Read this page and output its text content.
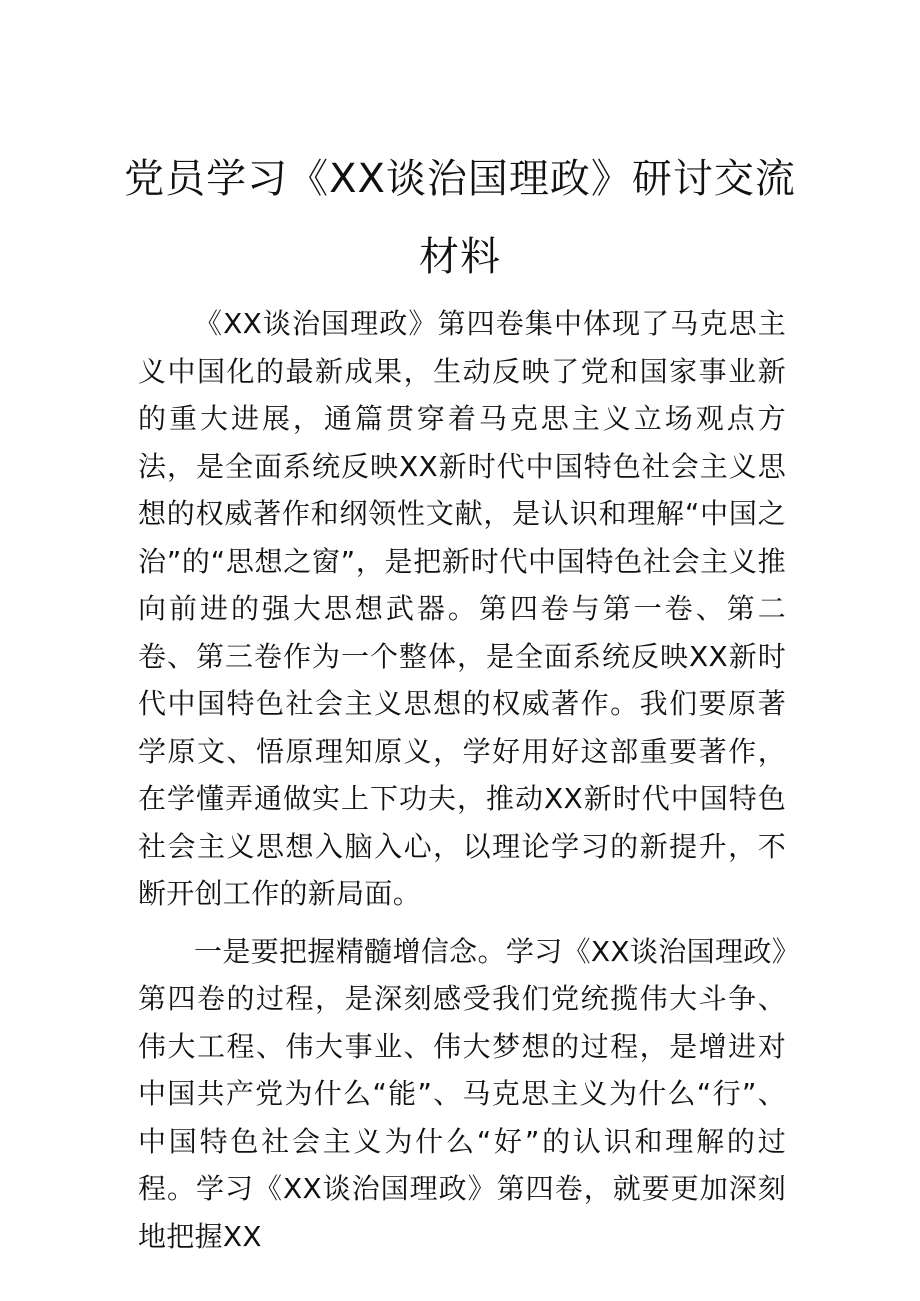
党员学习《XX谈治国理政》研讨交流材料

《XX谈治国理政》第四卷集中体现了马克思主义中国化的最新成果，生动反映了党和国家事业新的重大进展，通篇贯穿着马克思主义立场观点方法，是全面系统反映XX新时代中国特色社会主义思想的权威著作和纲领性文献，是认识和理解“中国之治”的“思想之窗”，是把新时代中国特色社会主义推向前进的强大思想武器。第四卷与第一卷、第二卷、第三卷作为一个整体，是全面系统反映XX新时代中国特色社会主义思想的权威著作。我们要原著学原文、悟原理知原义，学好用好这部重要著作，在学懂弄通做实上下功夫，推动XX新时代中国特色社会主义思想入脑入心，以理论学习的新提升，不断开创工作的新局面。

一是要把握精髓增信念。学习《XX谈治国理政》第四卷的过程，是深刻感受我们党统揽伟大斗争、伟大工程、伟大事业、伟大梦想的过程，是增进对中国共产党为什么“能”、马克思主义为什么“行”、中国特色社会主义为什么“好”的认识和理解的过程。学习《XX谈治国理政》第四卷，就要更加深刻地把握XX
